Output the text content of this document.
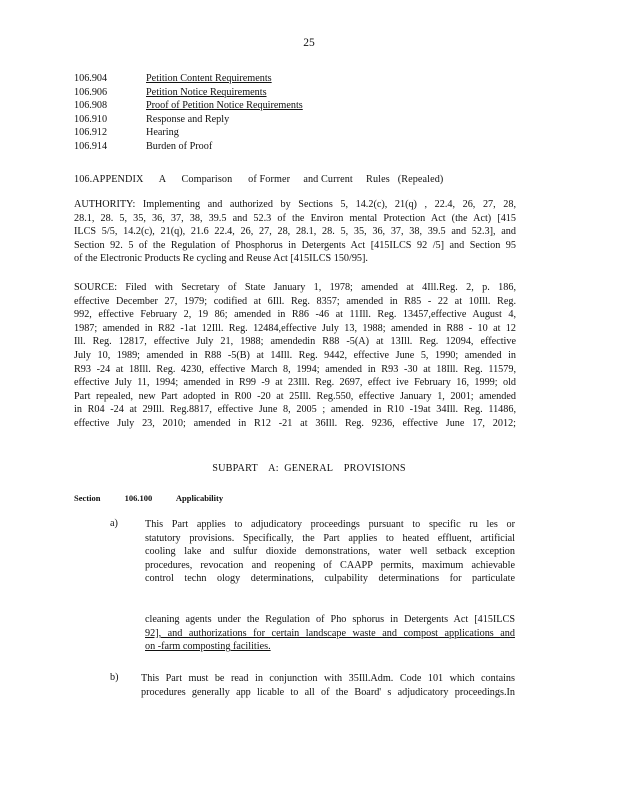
25
106.904	Petition Content Requirements
106.906	Petition Notice Requirements
106.908	Proof of Petition Notice Requirements
106.910	Response and Reply
106.912	Hearing
106.914	Burden of Proof
106.APPENDIX      A      Comparison      of Former     and Current     Rules   (Repealed)
AUTHORITY: Implementing and authorized by Sections 5, 14.2(c), 21(q) , 22.4, 26, 27, 28,
28.1, 28. 5, 35, 36, 37, 38, 39.5 and 52.3 of the Environ mental Protection Act (the Act) [415
ILCS 5/5, 14.2(c), 21(q), 21.6 22.4, 26, 27, 28, 28.1, 28. 5, 35, 36, 37, 38, 39.5 and 52.3], and
Section 92. 5 of the Regulation of Phosphorus in Detergents Act [415ILCS 92 /5] and Section 95
of the Electronic Products Re cycling and Reuse Act [415ILCS 150/95].
SOURCE: Filed with Secretary of State January 1, 1978; amended at 4Ill.Reg. 2, p. 186,
effective December 27, 1979; codified at 6Ill. Reg. 8357; amended in R85 - 22 at 10Ill. Reg.
992, effective February 2, 19 86; amended in R86 -46 at 11Ill. Reg. 13457,effective August 4,
1987; amended in R82 -1at 12Ill. Reg. 12484,effective July 13, 1988; amended in R88 - 10 at 12
Ill. Reg. 12817, effective July 21, 1988; amendedin R88 -5(A) at 13Ill. Reg. 12094, effective
July 10, 1989; amended in R88 -5(B) at 14Ill. Reg. 9442, effective June 5, 1990; amended in
R93 -24 at 18Ill. Reg. 4230, effective March 8, 1994; amended in R93 -30 at 18Ill. Reg. 11579,
effective July 11, 1994; amended in R99 -9 at 23Ill. Reg. 2697, effect ive February 16, 1999; old
Part repealed, new Part adopted in R00 -20 at 25Ill. Reg.550, effective January 1, 2001; amended
in R04 -24 at 29Ill. Reg.8817, effective June 8, 2005 ; amended in R10 -19at 34Ill. Reg. 11486,
effective July 23, 2010; amended in R12 -21 at 36Ill. Reg. 9236, effective June 17, 2012;

SUBPART    A:  GENERAL    PROVISIONS
Section	106.100	Applicability
a)	This Part applies to adjudicatory proceedings pursuant to specific ru les or
statutory provisions. Specifically, the Part applies to heated effluent, artificial
cooling lake and sulfur dioxide demonstrations, water well setback exception
procedures, revocation and reopening of CAAPP permits, maximum achievable
control techn ology determinations, culpability determinations for particulate

cleaning agents under the Regulation of Pho sphorus in Detergents Act [415ILCS
92], and authorizations for certain landscape waste and compost applications and
on -farm composting facilities.
b) This Part must be read in conjunction with 35Ill.Adm. Code 101 which contains
procedures generally app licable to all of the Board' s adjudicatory proceedings.In
